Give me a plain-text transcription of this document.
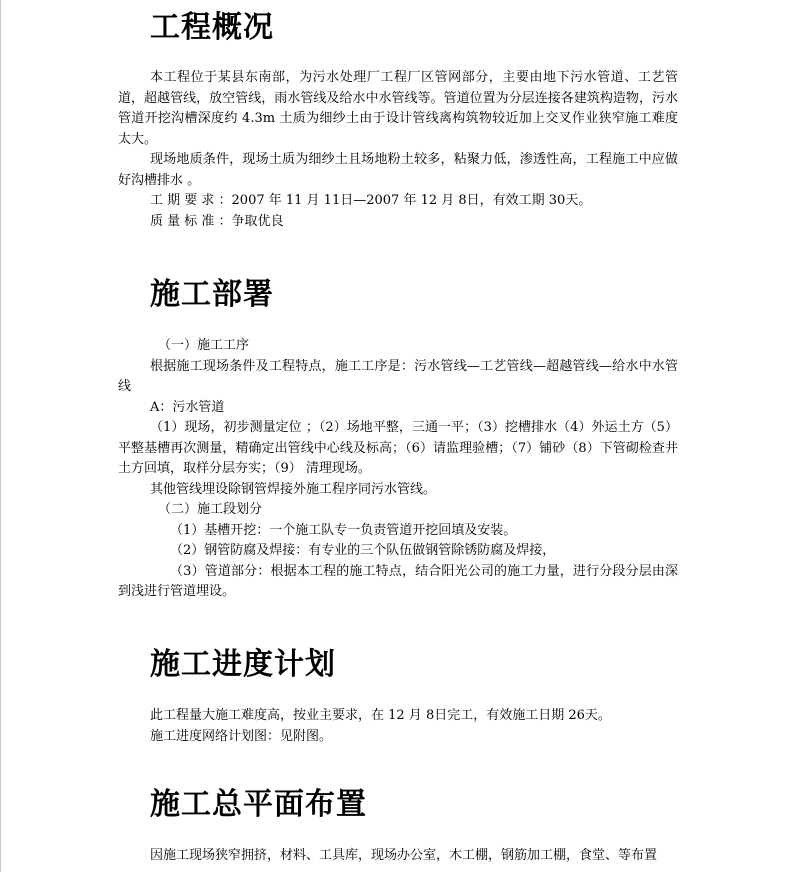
工程概况

本工程位于某县东南部，为污水处理厂工程厂区管网部分，主要由地下污水管道、工艺管道，超越管线，放空管线，雨水管线及给水中水管线等。管道位置为分层连接各建筑构造物，污水管道开挖沟槽深度约 4.3m 土质为细纱土由于设计管线离构筑物较近加上交叉作业狭窄施工难度太大。

现场地质条件，现场土质为细纱土且场地粉土较多，粘聚力低，渗透性高，工程施工中应做好沟槽排水 。

工 期 要 求 ：2007 年 11 月 11日—2007 年 12 月 8日，有效工期 30天。

质 量 标 准 ：争取优良

施工部署

（一）施工工序

根据施工现场条件及工程特点，施工工序是：污水管线—工艺管线—超越管线—给水中水管线

A：污水管道

（1）现场，初步测量定位 ；（2）场地平整，三通一平；（3）挖槽排水（4）外运土方（5）平整基槽再次测量，精确定出管线中心线及标高；（6）请监理验槽；（7）铺砂（8）下管砌检查井土方回填，取样分层夯实；（9） 清理现场。

其他管线埋设除钢管焊接外施工程序同污水管线。

（二）施工段划分

（1）基槽开挖：一个施工队专一负责管道开挖回填及安装。

（2）钢管防腐及焊接：有专业的三个队伍做钢管除锈防腐及焊接，

（3）管道部分：根据本工程的施工特点，结合阳光公司的施工力量，进行分段分层由深到浅进行管道埋设。

施工进度计划

此工程量大施工难度高，按业主要求，在 12 月 8日完工，有效施工日期 26天。

施工进度网络计划图：见附图。

施工总平面布置

因施工现场狭窄拥挤，材料、工具库，现场办公室，木工棚，钢筋加工棚，食堂、等布置
